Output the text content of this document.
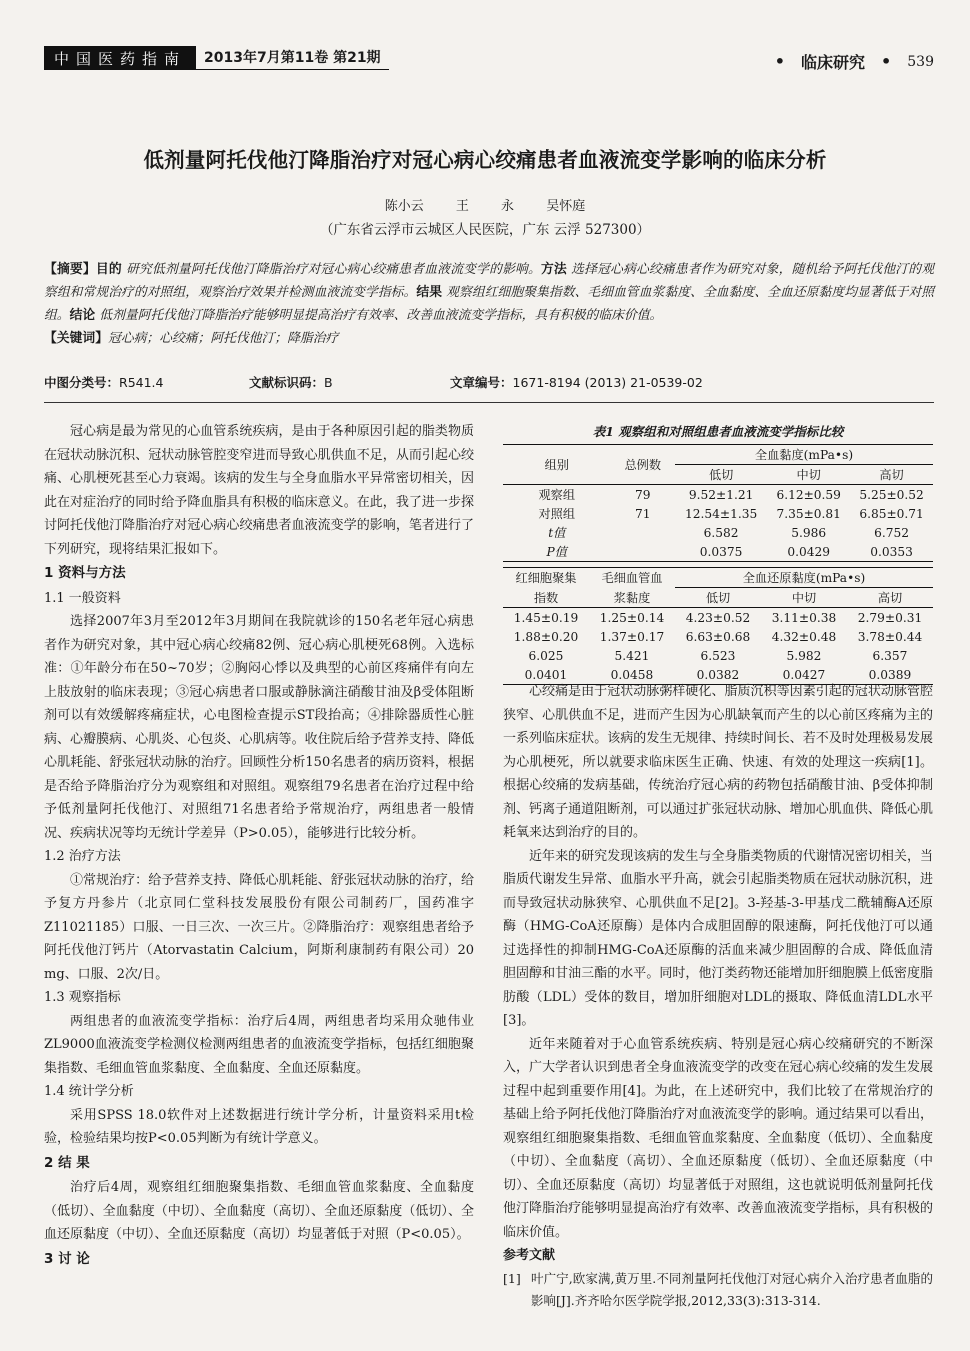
中国医药指南	2013年7月第11卷 第21期	• 临床研究 • 539
低剂量阿托伐他汀降脂治疗对冠心病心绞痛患者血液流变学影响的临床分析
陈小云 王 永 吴怀庭
（广东省云浮市云城区人民医院，广东 云浮 527300）
【摘要】目的 研究低剂量阿托伐他汀降脂治疗对冠心病心绞痛患者血液流变学的影响。方法 选择冠心病心绞痛患者作为研究对象，随机给予阿托伐他汀的观察组和常规治疗的对照组，观察治疗效果并检测血液流变学指标。结果 观察组红细胞聚集指数、毛细血管血浆黏度、全血黏度、全血还原黏度均显著低于对照组。结论 低剂量阿托伐他汀降脂治疗能够明显提高治疗有效率、改善血液流变学指标，具有积极的临床价值。
【关键词】冠心病；心绞痛；阿托伐他汀；降脂治疗
中图分类号：R541.4	文献标识码：B	文章编号：1671-8194 (2013) 21-0539-02

冠心病是最为常见的心血管系统疾病，是由于各种原因引起的脂类物质在冠状动脉沉积、冠状动脉管腔变窄进而导致心肌供血不足，从而引起心绞痛、心肌梗死甚至心力衰竭。该病的发生与全身血脂水平异常密切相关，因此在对症治疗的同时给予降血脂具有积极的临床意义。在此，我了进一步探讨阿托伐他汀降脂治疗对冠心病心绞痛患者血液流变学的影响，笔者进行了下列研究，现将结果汇报如下。

1 资料与方法

1.1 一般资料

选择2007年3月至2012年3月期间在我院就诊的150名老年冠心病患者作为研究对象，其中冠心病心绞痛82例、冠心病心肌梗死68例。入选标准：①年龄分布在50~70岁；②胸闷心悸以及典型的心前区疼痛伴有向左上肢放射的临床表现；③冠心病患者口服或静脉滴注硝酸甘油及β受体阻断剂可以有效缓解疼痛症状，心电图检查提示ST段抬高；④排除器质性心脏病、心瓣膜病、心肌炎、心包炎、心肌病等。收住院后给予营养支持、降低心肌耗能、舒张冠状动脉的治疗。回顾性分析150名患者的病历资料，根据是否给予降脂治疗分为观察组和对照组。观察组79名患者在治疗过程中给予低剂量阿托伐他汀、对照组71名患者给予常规治疗，两组患者一般情况、疾病状况等均无统计学差异（P>0.05），能够进行比较分析。

1.2 治疗方法

①常规治疗：给予营养支持、降低心肌耗能、舒张冠状动脉的治疗，给予复方丹参片（北京同仁堂科技发展股份有限公司制药厂，国药准字Z11021185）口服、一日三次、一次三片。②降脂治疗：观察组患者给予阿托伐他汀钙片（Atorvastatin Calcium，阿斯利康制药有限公司）20 mg、口服、2次/日。

1.3 观察指标

两组患者的血液流变学指标：治疗后4周，两组患者均采用众驰伟业ZL9000血液流变学检测仪检测两组患者的血液流变学指标，包括红细胞聚集指数、毛细血管血浆黏度、全血黏度、全血还原黏度。

1.4 统计学分析

采用SPSS 18.0软件对上述数据进行统计学分析，计量资料采用t检验，检验结果均按P<0.05判断为有统计学意义。

2 结 果

治疗后4周，观察组红细胞聚集指数、毛细血管血浆黏度、全血黏度（低切）、全血黏度（中切）、全血黏度（高切）、全血还原黏度（低切）、全血还原黏度（中切）、全血还原黏度（高切）均显著低于对照（P<0.05）。

3 讨 论

表1 观察组和对照组患者血液流变学指标比较
组别	总例数	全血黏度(mPa•s)		
		低切	中切	高切
观察组	79	9.52±1.21	6.12±0.59	5.25±0.52
对照组	71	12.54±1.35	7.35±0.81	6.85±0.71
t值		6.582	5.986	6.752
P值		0.0375	0.0429	0.0353
红细胞聚集	毛细血管血	全血还原黏度(mPa•s)		
指数	浆黏度	低切	中切	高切
1.45±0.19	1.25±0.14	4.23±0.52	3.11±0.38	2.79±0.31
1.88±0.20	1.37±0.17	6.63±0.68	4.32±0.48	3.78±0.44
6.025	5.421	6.523	5.982	6.357
0.0401	0.0458	0.0382	0.0427	0.0389

心绞痛是由于冠状动脉粥样硬化、脂质沉积等因素引起的冠状动脉管腔狭窄、心肌供血不足，进而产生因为心肌缺氧而产生的以心前区疼痛为主的一系列临床症状。该病的发生无规律、持续时间长、若不及时处理极易发展为心肌梗死，所以就要求临床医生正确、快速、有效的处理这一疾病[1]。根据心绞痛的发病基础，传统治疗冠心病的药物包括硝酸甘油、β受体抑制剂、钙离子通道阻断剂，可以通过扩张冠状动脉、增加心肌血供、降低心肌耗氧来达到治疗的目的。

近年来的研究发现该病的发生与全身脂类物质的代谢情况密切相关，当脂质代谢发生异常、血脂水平升高，就会引起脂类物质在冠状动脉沉积，进而导致冠状动脉狭窄、心肌供血不足[2]。3-羟基-3-甲基戊二酰辅酶A还原酶（HMG-CoA还原酶）是体内合成胆固醇的限速酶，阿托伐他汀可以通过选择性的抑制HMG-CoA还原酶的活血来减少胆固醇的合成、降低血清胆固醇和甘油三酯的水平。同时，他汀类药物还能增加肝细胞膜上低密度脂肪酸（LDL）受体的数目，增加肝细胞对LDL的摄取、降低血清LDL水平[3]。

近年来随着对于心血管系统疾病、特别是冠心病心绞痛研究的不断深入，广大学者认识到患者全身血液流变学的改变在冠心病心绞痛的发生发展过程中起到重要作用[4]。为此，在上述研究中，我们比较了在常规治疗的基础上给予阿托伐他汀降脂治疗对血液流变学的影响。通过结果可以看出，观察组红细胞聚集指数、毛细血管血浆黏度、全血黏度（低切）、全血黏度（中切）、全血黏度（高切）、全血还原黏度（低切）、全血还原黏度（中切）、全血还原黏度（高切）均显著低于对照组，这也就说明低剂量阿托伐他汀降脂治疗能够明显提高治疗有效率、改善血液流变学指标，具有积极的临床价值。

参考文献

[1] 叶广宁,欧家满,黄万里.不同剂量阿托伐他汀对冠心病介入治疗患者血脂的影响[J].齐齐哈尔医学院学报,2012,33(3):313-314.
